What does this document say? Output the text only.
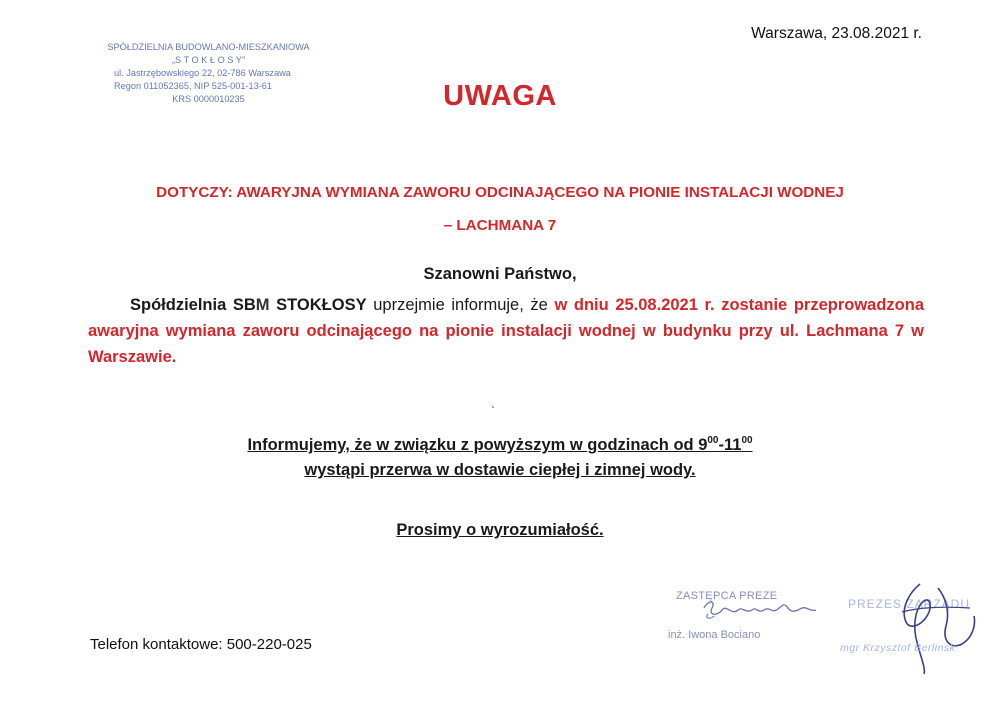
SPÓŁDZIELNIA BUDOWLANO-MIESZKANIOWA
„S T O K Ł O S Y”
ul. Jastrzębowskiego 22, 02-786 Warszawa
Regon 011052365, NIP 525-001-13-61
KRS 0000010235
Warszawa, 23.08.2021 r.
UWAGA
DOTYCZY: AWARYJNA WYMIANA ZAWORU ODCINAJĄCEGO NA PIONIE INSTALACJI WODNEJ
– LACHMANA 7
Szanowni Państwo,
Spółdzielnia SBM STOKŁOSY uprzejmie informuje, że w dniu 25.08.2021 r. zostanie przeprowadzona awaryjna wymiana zaworu odcinającego na pionie instalacji wodnej w budynku przy ul. Lachmana 7 w Warszawie.
`
Informujemy, że w związku z powyższym w godzinach od $9^{00}-11^{00}$
wystąpi przerwa w dostawie ciepłej i zimnej wody.
Prosimy o wyrozumiałość.
Telefon kontaktowe: 500-220-025
ZASTĘPCA PREZE
inż. Iwona Bociano
PREZES ZARZĄDU
mgr Krzysztof Berlinsk
